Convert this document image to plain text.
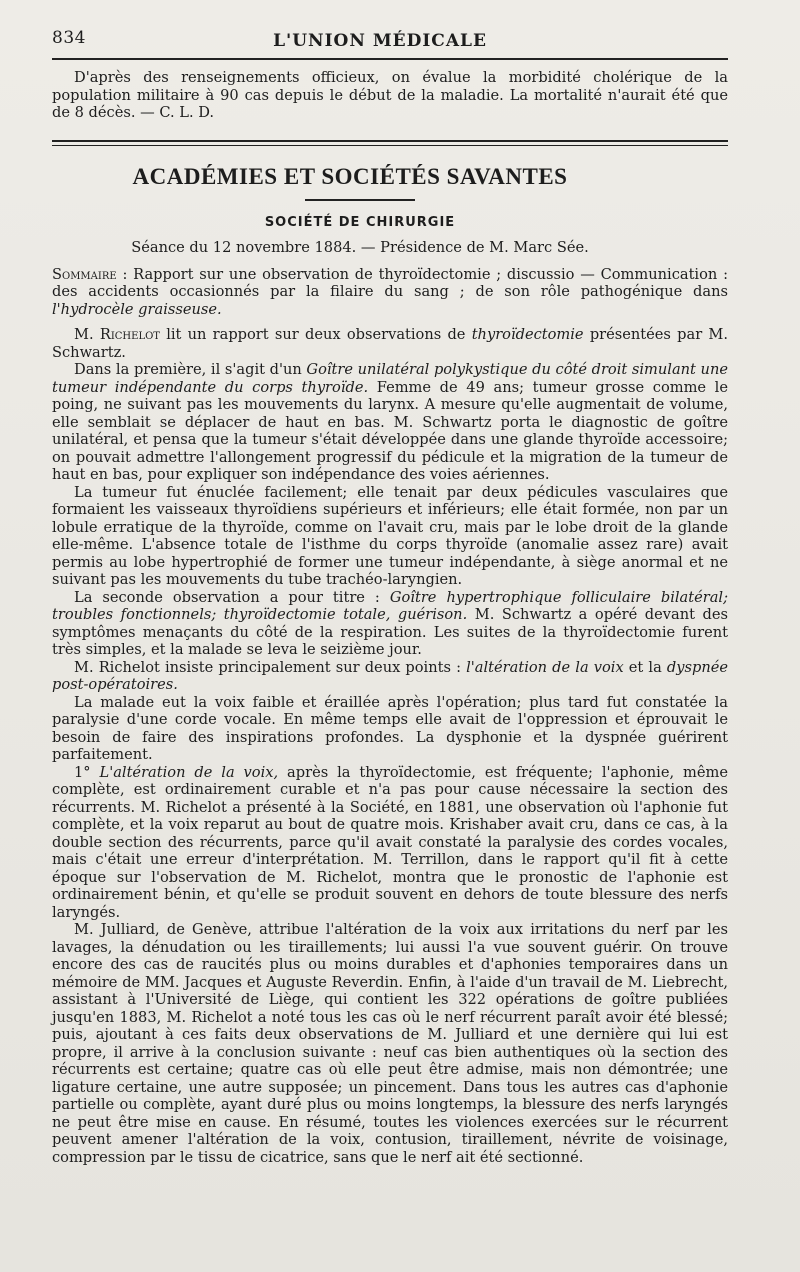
834	L'UNION MÉDICALE

D'après des renseignements officieux, on évalue la morbidité cholérique de la population militaire à 90 cas depuis le début de la maladie. La mortalité n'aurait été que de 8 décès. — C. L. D.

ACADÉMIES ET SOCIÉTÉS SAVANTES
SOCIÉTÉ DE CHIRURGIE
Séance du 12 novembre 1884. — Présidence de M. Marc Sée.

Sommaire : Rapport sur une observation de thyroïdectomie ; discussio — Communication : des accidents occasionnés par la filaire du sang ; de son rôle pathogénique dans l'hydrocèle graisseuse.

M. Richelot lit un rapport sur deux observations de thyroïdectomie présentées par M. Schwartz.

Dans la première, il s'agit d'un Goître unilatéral polykystique du côté droit simulant une tumeur indépendante du corps thyroïde. Femme de 49 ans; tumeur grosse comme le poing, ne suivant pas les mouvements du larynx. A mesure qu'elle augmentait de volume, elle semblait se déplacer de haut en bas. M. Schwartz porta le diagnostic de goître unilatéral, et pensa que la tumeur s'était développée dans une glande thyroïde accessoire; on pouvait admettre l'allongement progressif du pédicule et la migration de la tumeur de haut en bas, pour expliquer son indépendance des voies aériennes.

La tumeur fut énuclée facilement; elle tenait par deux pédicules vasculaires que formaient les vaisseaux thyroïdiens supérieurs et inférieurs; elle était formée, non par un lobule erratique de la thyroïde, comme on l'avait cru, mais par le lobe droit de la glande elle-même. L'absence totale de l'isthme du corps thyroïde (anomalie assez rare) avait permis au lobe hypertrophié de former une tumeur indépendante, à siège anormal et ne suivant pas les mouvements du tube trachéo-laryngien.

La seconde observation a pour titre : Goître hypertrophique folliculaire bilatéral; troubles fonctionnels; thyroïdectomie totale, guérison. M. Schwartz a opéré devant des symptômes menaçants du côté de la respiration. Les suites de la thyroïdectomie furent très simples, et la malade se leva le seizième jour.

M. Richelot insiste principalement sur deux points : l'altération de la voix et la dyspnée post-opératoires.

La malade eut la voix faible et éraillée après l'opération; plus tard fut constatée la paralysie d'une corde vocale. En même temps elle avait de l'oppression et éprouvait le besoin de faire des inspirations profondes. La dysphonie et la dyspnée guérirent parfaitement.

1° L'altération de la voix, après la thyroïdectomie, est fréquente; l'aphonie, même complète, est ordinairement curable et n'a pas pour cause nécessaire la section des récurrents. M. Richelot a présenté à la Société, en 1881, une observation où l'aphonie fut complète, et la voix reparut au bout de quatre mois. Krishaber avait cru, dans ce cas, à la double section des récurrents, parce qu'il avait constaté la paralysie des cordes vocales, mais c'était une erreur d'interprétation. M. Terrillon, dans le rapport qu'il fit à cette époque sur l'observation de M. Richelot, montra que le pronostic de l'aphonie est ordinairement bénin, et qu'elle se produit souvent en dehors de toute blessure des nerfs laryngés.

M. Julliard, de Genève, attribue l'altération de la voix aux irritations du nerf par les lavages, la dénudation ou les tiraillements; lui aussi l'a vue souvent guérir. On trouve encore des cas de raucités plus ou moins durables et d'aphonies temporaires dans un mémoire de MM. Jacques et Auguste Reverdin. Enfin, à l'aide d'un travail de M. Liebrecht, assistant à l'Université de Liège, qui contient les 322 opérations de goître publiées jusqu'en 1883, M. Richelot a noté tous les cas où le nerf récurrent paraît avoir été blessé; puis, ajoutant à ces faits deux observations de M. Julliard et une dernière qui lui est propre, il arrive à la conclusion suivante : neuf cas bien authentiques où la section des récurrents est certaine; quatre cas où elle peut être admise, mais non démontrée; une ligature certaine, une autre supposée; un pincement. Dans tous les autres cas d'aphonie partielle ou complète, ayant duré plus ou moins longtemps, la blessure des nerfs laryngés ne peut être mise en cause. En résumé, toutes les violences exercées sur le récurrent peuvent amener l'altération de la voix, contusion, tiraillement, névrite de voisinage, compression par le tissu de cicatrice, sans que le nerf ait été sectionné.
